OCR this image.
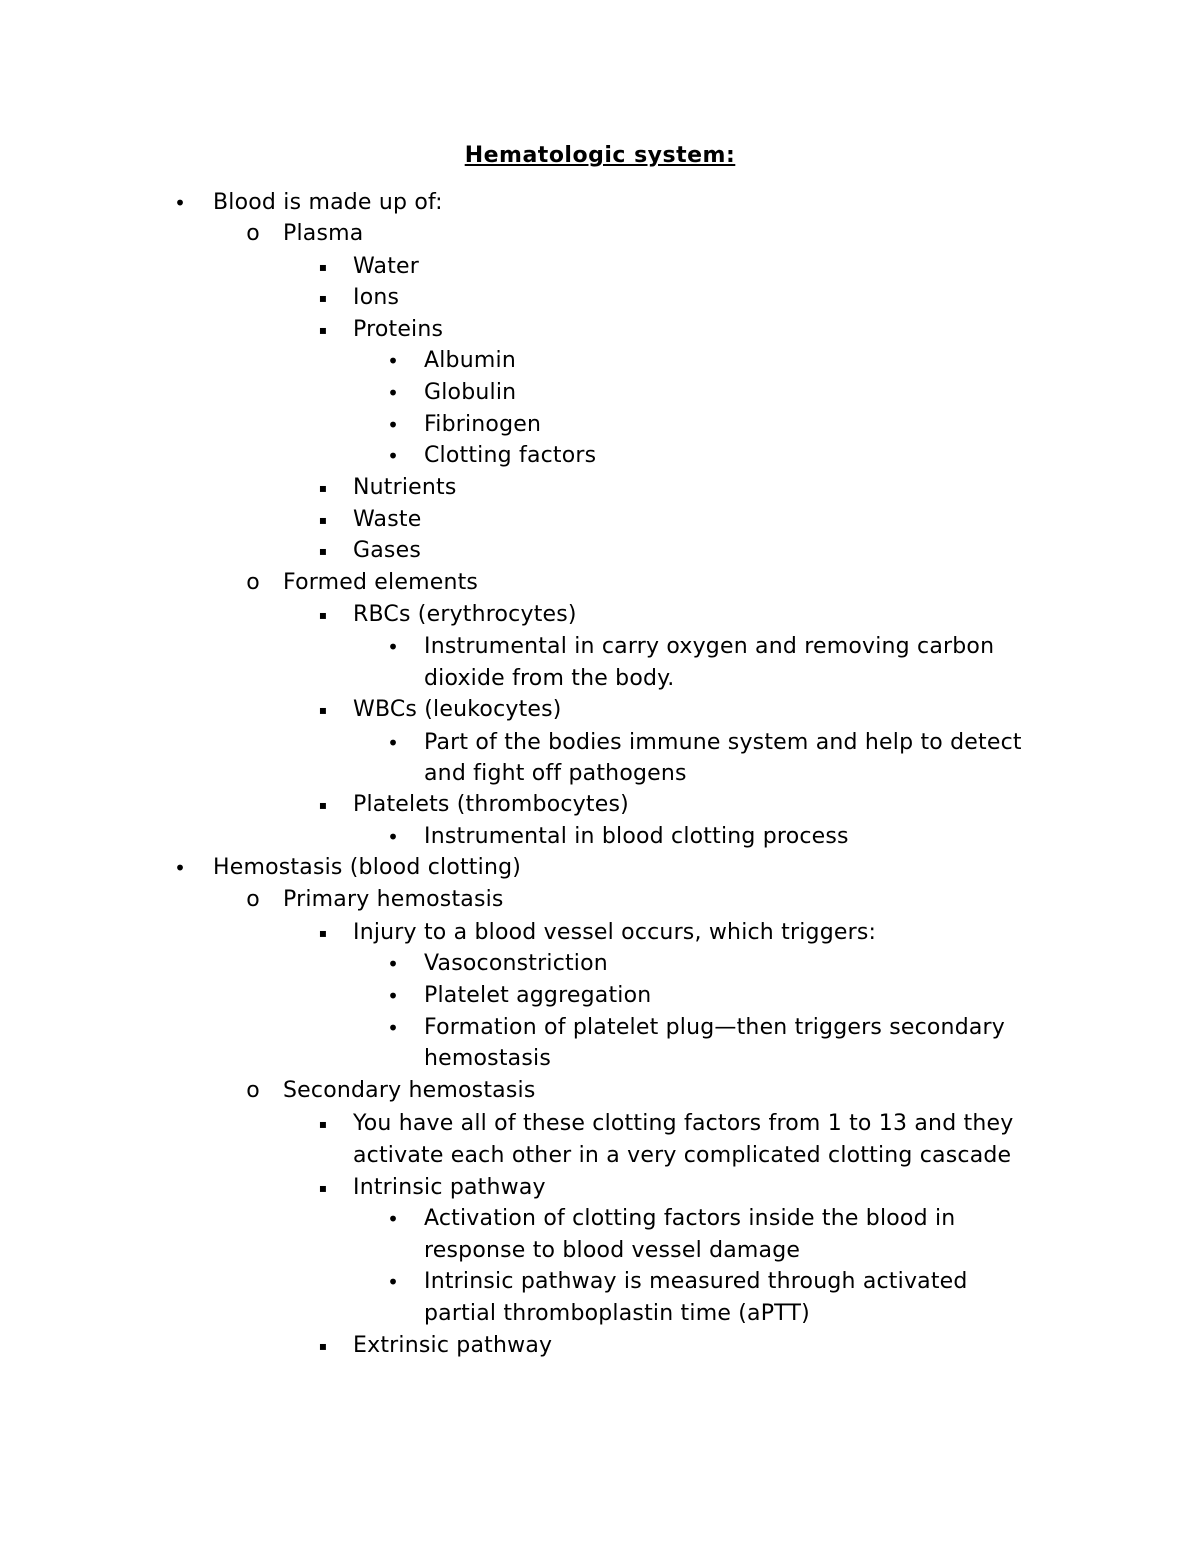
Hematologic system:
• Blood is made up of:
o Plasma
▪	Water
▪	Ions
▪	Proteins
• Albumin
• Globulin
• Fibrinogen
• Clotting factors
▪	Nutrients
▪	Waste
▪	Gases
o Formed elements
▪	RBCs (erythrocytes)
• Instrumental in carry oxygen and removing carbon
dioxide from the body.
▪	WBCs (leukocytes)
• Part of the bodies immune system and help to detect
and fight off pathogens
▪	Platelets (thrombocytes)
• Instrumental in blood clotting process
• Hemostasis (blood clotting)
o Primary hemostasis
▪	Injury to a blood vessel occurs, which triggers:
• Vasoconstriction
• Platelet aggregation
• Formation of platelet plug—then triggers secondary
hemostasis
o Secondary hemostasis
▪	You have all of these clotting factors from 1 to 13 and they
activate each other in a very complicated clotting cascade
▪	Intrinsic pathway
• Activation of clotting factors inside the blood in
response to blood vessel damage
• Intrinsic pathway is measured through activated
partial thromboplastin time (aPTT)
▪	Extrinsic pathway
